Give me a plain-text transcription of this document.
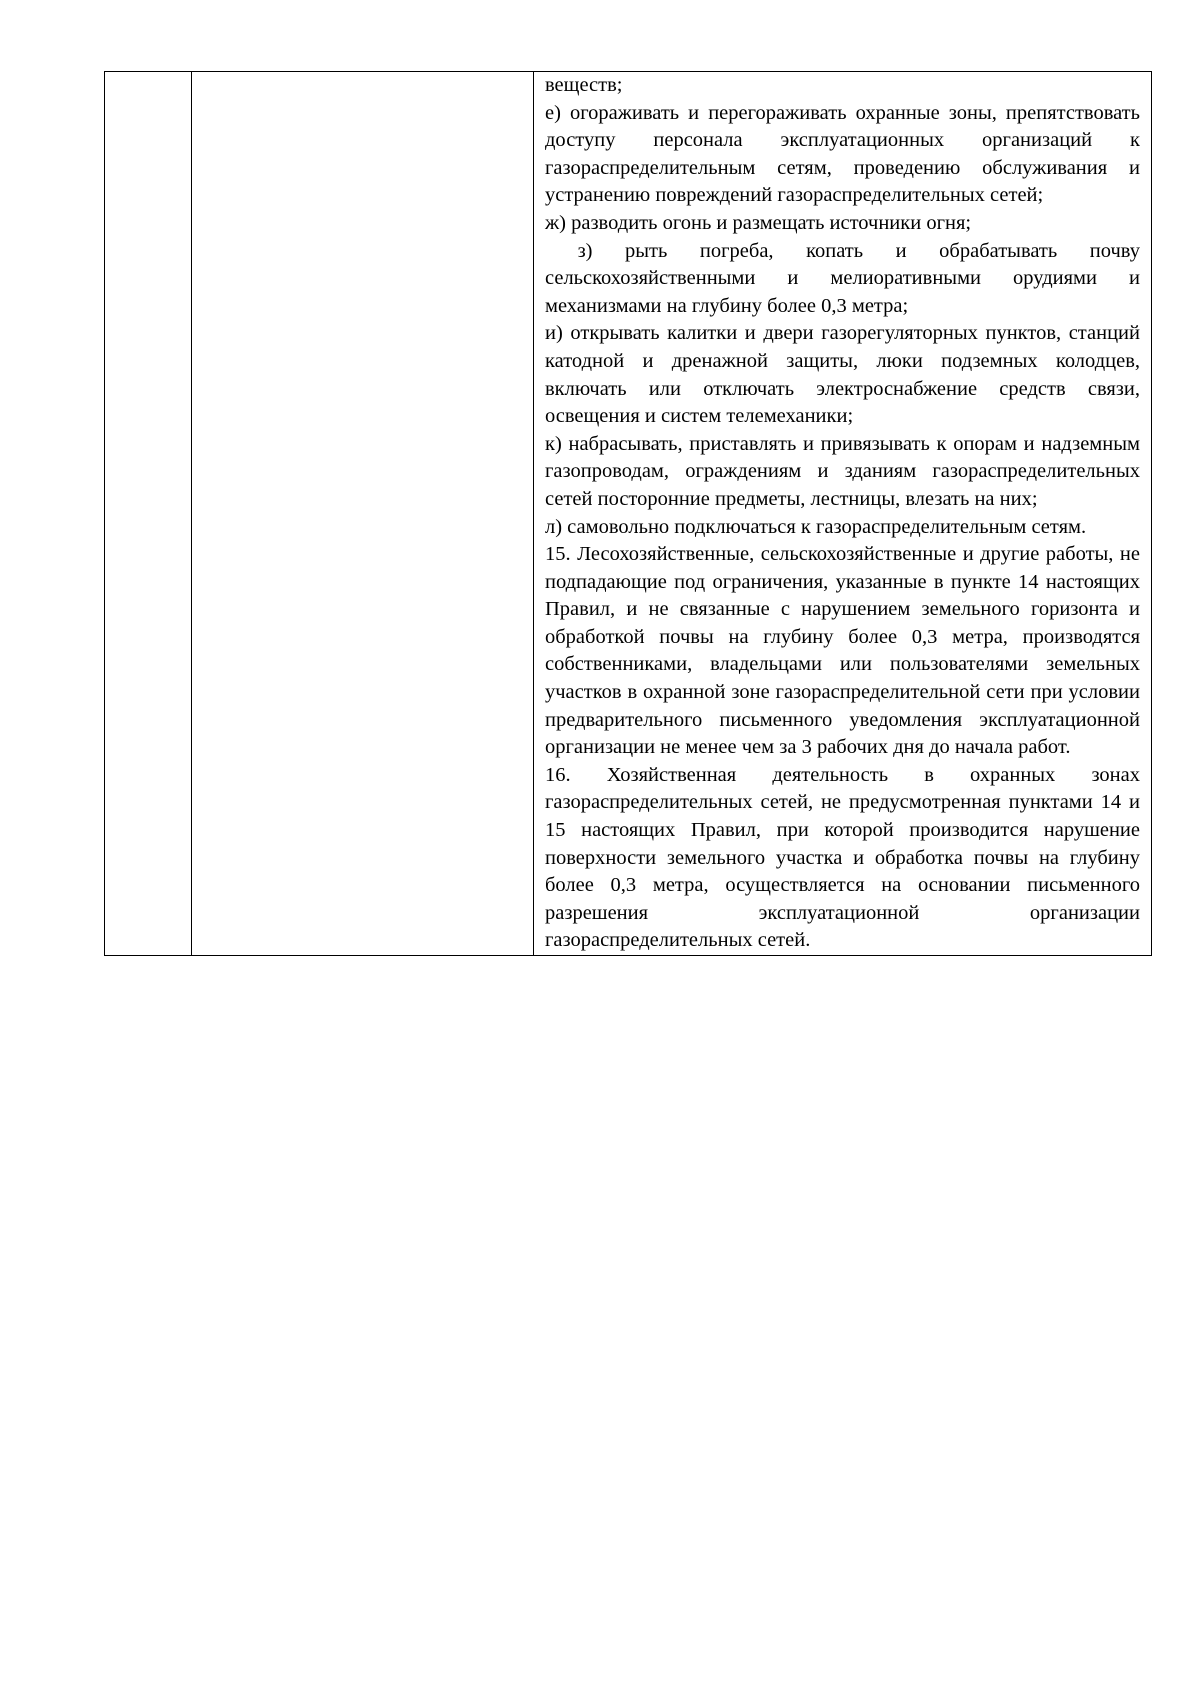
веществ;

е) огораживать и перегораживать охранные зоны, препятствовать доступу персонала эксплуатационных организаций к газораспределительным сетям, проведению обслуживания и устранению повреждений газораспределительных сетей;

ж) разводить огонь и размещать источники огня;

з) рыть погреба, копать и обрабатывать почву сельскохозяйственными и мелиоративными орудиями и механизмами на глубину более 0,3 метра;

и) открывать калитки и двери газорегуляторных пунктов, станций катодной и дренажной защиты, люки подземных колодцев, включать или отключать электроснабжение средств связи, освещения и систем телемеханики;

к) набрасывать, приставлять и привязывать к опорам и надземным газопроводам, ограждениям и зданиям газораспределительных сетей посторонние предметы, лестницы, влезать на них;

л) самовольно подключаться к газораспределительным сетям.

15. Лесохозяйственные, сельскохозяйственные и другие работы, не подпадающие под ограничения, указанные в пункте 14 настоящих Правил, и не связанные с нарушением земельного горизонта и обработкой почвы на глубину более 0,3 метра, производятся собственниками, владельцами или пользователями земельных участков в охранной зоне газораспределительной сети при условии предварительного письменного уведомления эксплуатационной организации не менее чем за 3 рабочих дня до начала работ.

16. Хозяйственная деятельность в охранных зонах газораспределительных сетей, не предусмотренная пунктами 14 и 15 настоящих Правил, при которой производится нарушение поверхности земельного участка и обработка почвы на глубину более 0,3 метра, осуществляется на основании письменного разрешения эксплуатационной организации газораспределительных сетей.
